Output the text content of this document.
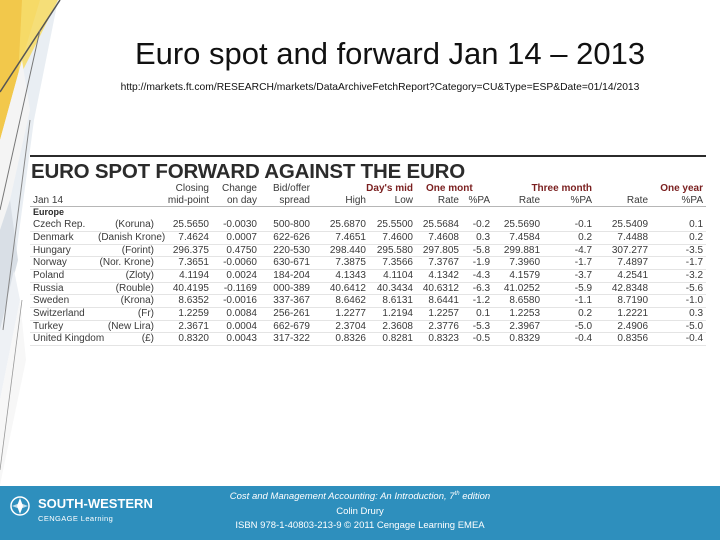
Euro spot and forward Jan 14 – 2013
http://markets.ft.com/RESEARCH/markets/DataArchiveFetchReport?Category=CU&Type=ESP&Date=01/14/2013
EURO SPOT FORWARD AGAINST THE EURO
		Closing	Change	Bid/offer	Day's mid		One mont		Three month		One year	
Jan 14		mid-point	on day	spread	High	Low	Rate	%PA	Rate	%PA	Rate	%PA

Europe												
Czech Rep.	(Koruna)	25.5650	-0.0030	500-800	25.6870	25.5500	25.5684	-0.2	25.5690	-0.1	25.5409	0.1
Denmark	(Danish Krone)	7.4624	0.0007	622-626	7.4651	7.4600	7.4608	0.3	7.4584	0.2	7.4488	0.2
Hungary	(Forint)	296.375	0.4750	220-530	298.440	295.580	297.805	-5.8	299.881	-4.7	307.277	-3.5
Norway	(Nor. Krone)	7.3651	-0.0060	630-671	7.3875	7.3566	7.3767	-1.9	7.3960	-1.7	7.4897	-1.7
Poland	(Zloty)	4.1194	0.0024	184-204	4.1343	4.1104	4.1342	-4.3	4.1579	-3.7	4.2541	-3.2
Russia	(Rouble)	40.4195	-0.1169	000-389	40.6412	40.3434	40.6312	-6.3	41.0252	-5.9	42.8348	-5.6
Sweden	(Krona)	8.6352	-0.0016	337-367	8.6462	8.6131	8.6441	-1.2	8.6580	-1.1	8.7190	-1.0
Switzerland	(Fr)	1.2259	0.0084	256-261	1.2277	1.2194	1.2257	0.1	1.2253	0.2	1.2221	0.3
Turkey	(New Lira)	2.3671	0.0004	662-679	2.3704	2.3608	2.3776	-5.3	2.3967	-5.0	2.4906	-5.0
United Kingdom	(£)	0.8320	0.0043	317-322	0.8326	0.8281	0.8323	-0.5	0.8329	-0.4	0.8356	-0.4
SOUTH-WESTERN
CENGAGE Learning
Cost and Management Accounting: An Introduction, 7th edition
Colin Drury
ISBN 978-1-40803-213-9 © 2011 Cengage Learning EMEA
